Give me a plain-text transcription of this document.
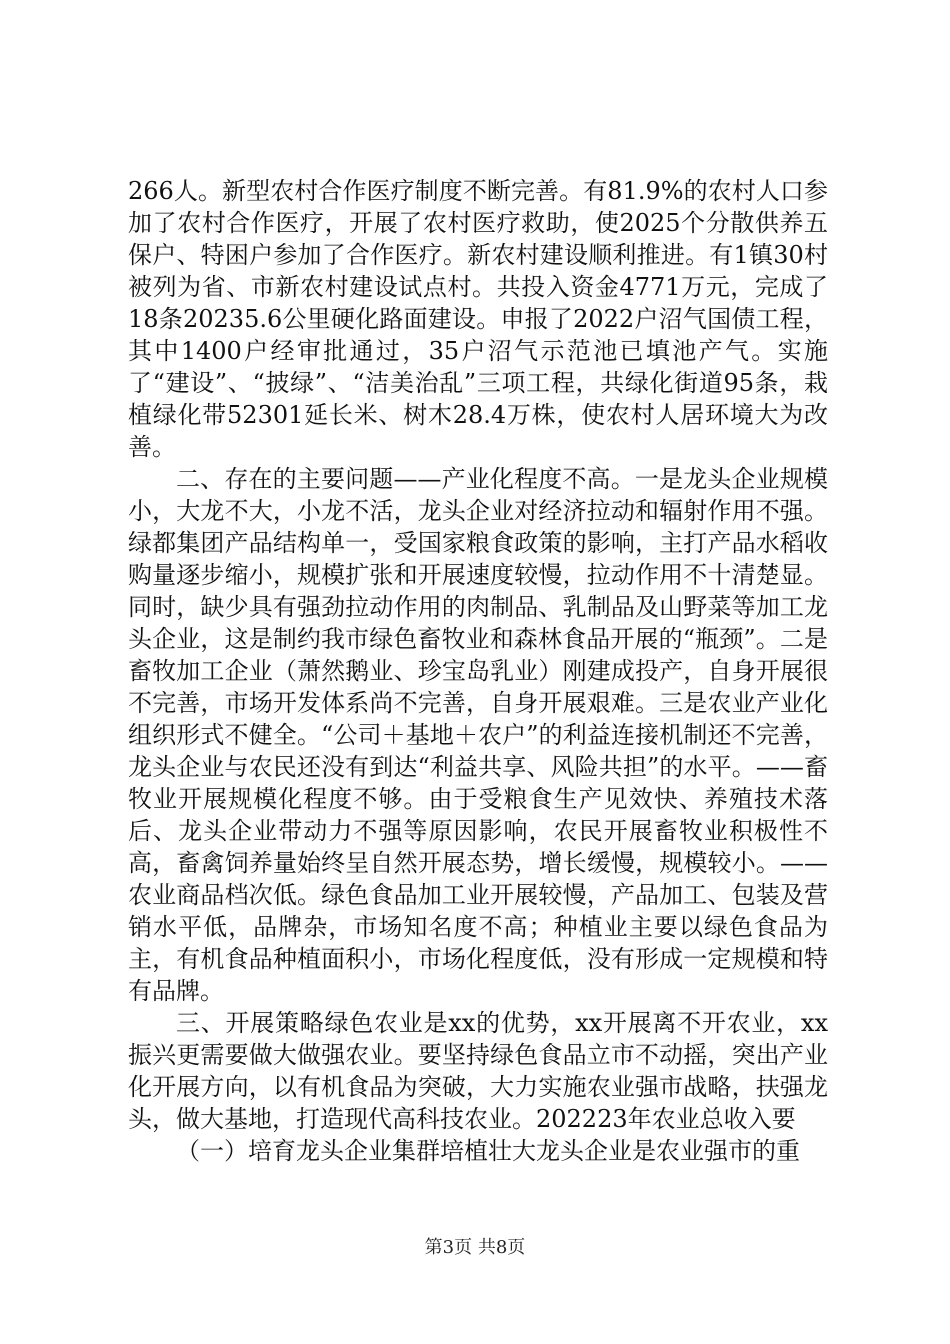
266人。新型农村合作医疗制度不断完善。有81.9%的农村人口参加了农村合作医疗，开展了农村医疗救助，使2025个分散供养五保户、特困户参加了合作医疗。新农村建设顺利推进。有1镇30村被列为省、市新农村建设试点村。共投入资金4771万元，完成了18条20235.6公里硬化路面建设。申报了2022户沼气国债工程，其中1400户经审批通过，35户沼气示范池已填池产气。实施了“建设”、“披绿”、“洁美治乱”三项工程，共绿化街道95条，栽植绿化带52301延长米、树木28.4万株，使农村人居环境大为改善。

二、存在的主要问题——产业化程度不高。一是龙头企业规模小，大龙不大，小龙不活，龙头企业对经济拉动和辐射作用不强。绿都集团产品结构单一，受国家粮食政策的影响，主打产品水稻收购量逐步缩小，规模扩张和开展速度较慢，拉动作用不十清楚显。同时，缺少具有强劲拉动作用的肉制品、乳制品及山野菜等加工龙头企业，这是制约我市绿色畜牧业和森林食品开展的“瓶颈”。二是畜牧加工企业（萧然鹅业、珍宝岛乳业）刚建成投产，自身开展很不完善，市场开发体系尚不完善，自身开展艰难。三是农业产业化组织形式不健全。“公司＋基地＋农户”的利益连接机制还不完善，龙头企业与农民还没有到达“利益共享、风险共担”的水平。——畜牧业开展规模化程度不够。由于受粮食生产见效快、养殖技术落后、龙头企业带动力不强等原因影响，农民开展畜牧业积极性不高，畜禽饲养量始终呈自然开展态势，增长缓慢，规模较小。——农业商品档次低。绿色食品加工业开展较慢，产品加工、包装及营销水平低，品牌杂，市场知名度不高；种植业主要以绿色食品为主，有机食品种植面积小，市场化程度低，没有形成一定规模和特有品牌。

三、开展策略绿色农业是xx的优势，xx开展离不开农业，xx振兴更需要做大做强农业。要坚持绿色食品立市不动摇，突出产业化开展方向，以有机食品为突破，大力实施农业强市战略，扶强龙头，做大基地，打造现代高科技农业。202223年农业总收入要

（一）培育龙头企业集群培植壮大龙头企业是农业强市的重

第3页 共8页
